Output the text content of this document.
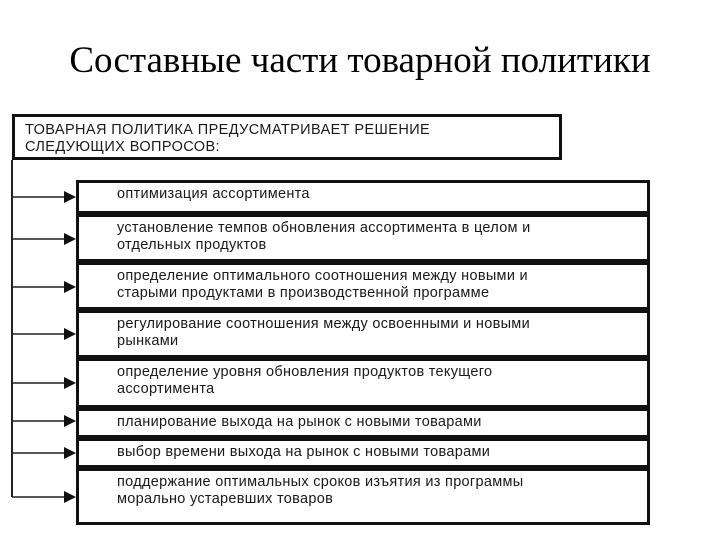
Составные части товарной политики
ТОВАРНАЯ ПОЛИТИКА ПРЕДУСМАТРИВАЕТ РЕШЕНИЕ
СЛЕДУЮЩИХ ВОПРОСОВ:
оптимизация ассортимента
установление темпов обновления ассортимента в целом и
отдельных продуктов
определение оптимального соотношения между новыми и
старыми продуктами в производственной программе
регулирование соотношения между освоенными и новыми
рынками
определение уровня обновления продуктов текущего
ассортимента
планирование выхода на рынок с новыми товарами
выбор времени выхода на рынок с новыми товарами
поддержание оптимальных сроков изъятия из программы
морально устаревших товаров
